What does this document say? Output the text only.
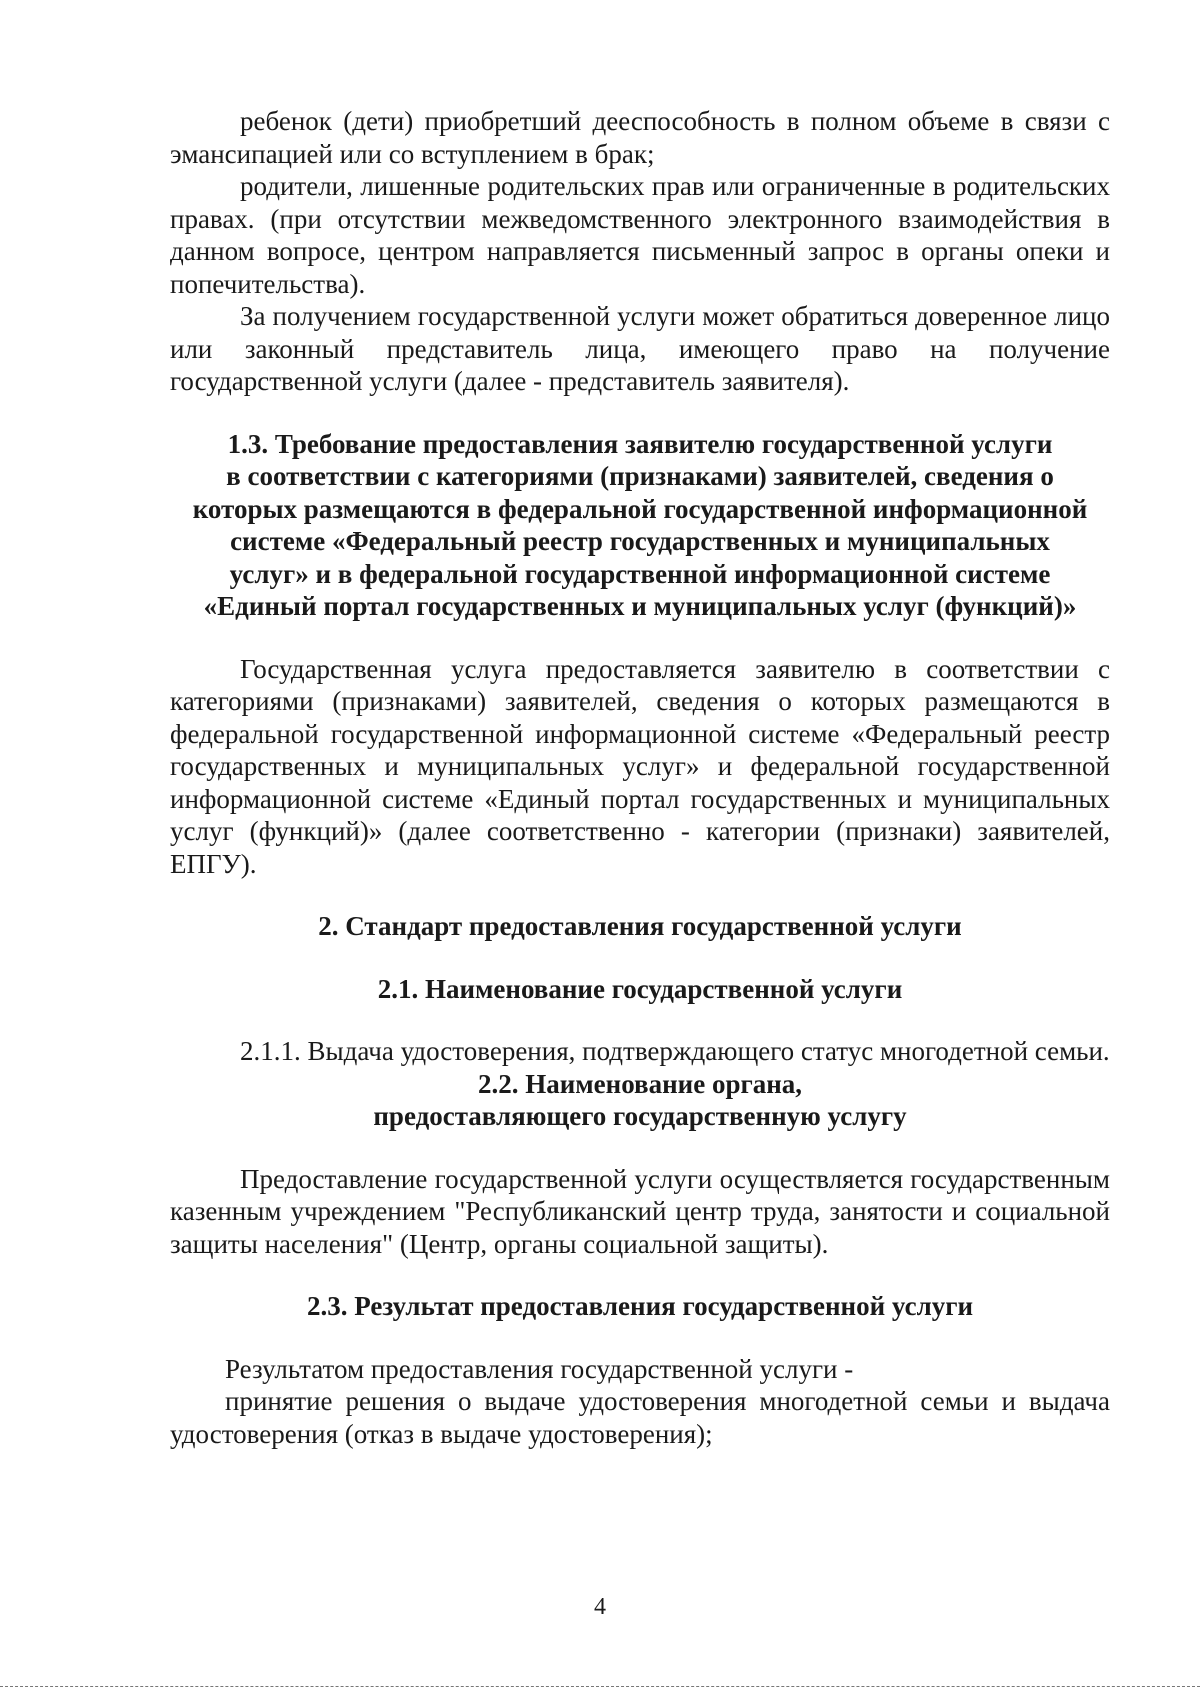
ребенок (дети) приобретший дееспособность в полном объеме в связи с эмансипацией или со вступлением в брак;

родители, лишенные родительских прав или ограниченные в родительских правах. (при отсутствии межведомственного электронного взаимодействия в данном вопросе, центром направляется письменный запрос в органы опеки и попечительства).

За получением государственной услуги может обратиться доверенное лицо или законный представитель лица, имеющего право на получение государственной услуги (далее - представитель заявителя).

1.3. Требование предоставления заявителю государственной услуги
в соответствии с категориями (признаками) заявителей, сведения о
которых размещаются в федеральной государственной информационной
системе «Федеральный реестр государственных и муниципальных
услуг» и в федеральной государственной информационной системе
«Единый портал государственных и муниципальных услуг (функций)»

Государственная услуга предоставляется заявителю в соответствии с категориями (признаками) заявителей, сведения о которых размещаются в федеральной государственной информационной системе «Федеральный реестр государственных и муниципальных услуг» и федеральной государственной информационной системе «Единый портал государственных и муниципальных услуг (функций)» (далее соответственно - категории (признаки) заявителей, ЕПГУ).

2. Стандарт предоставления государственной услуги
2.1. Наименование государственной услуги

2.1.1. Выдача удостоверения, подтверждающего статус многодетной семьи.

2.2. Наименование органа,
предоставляющего государственную услугу

Предоставление государственной услуги осуществляется государственным казенным учреждением "Республиканский центр труда, занятости и социальной защиты населения" (Центр, органы социальной защиты).

2.3. Результат предоставления государственной услуги

Результатом предоставления государственной услуги -

принятие решения о выдаче удостоверения многодетной семьи и выдача удостоверения (отказ в выдаче удостоверения);

4
